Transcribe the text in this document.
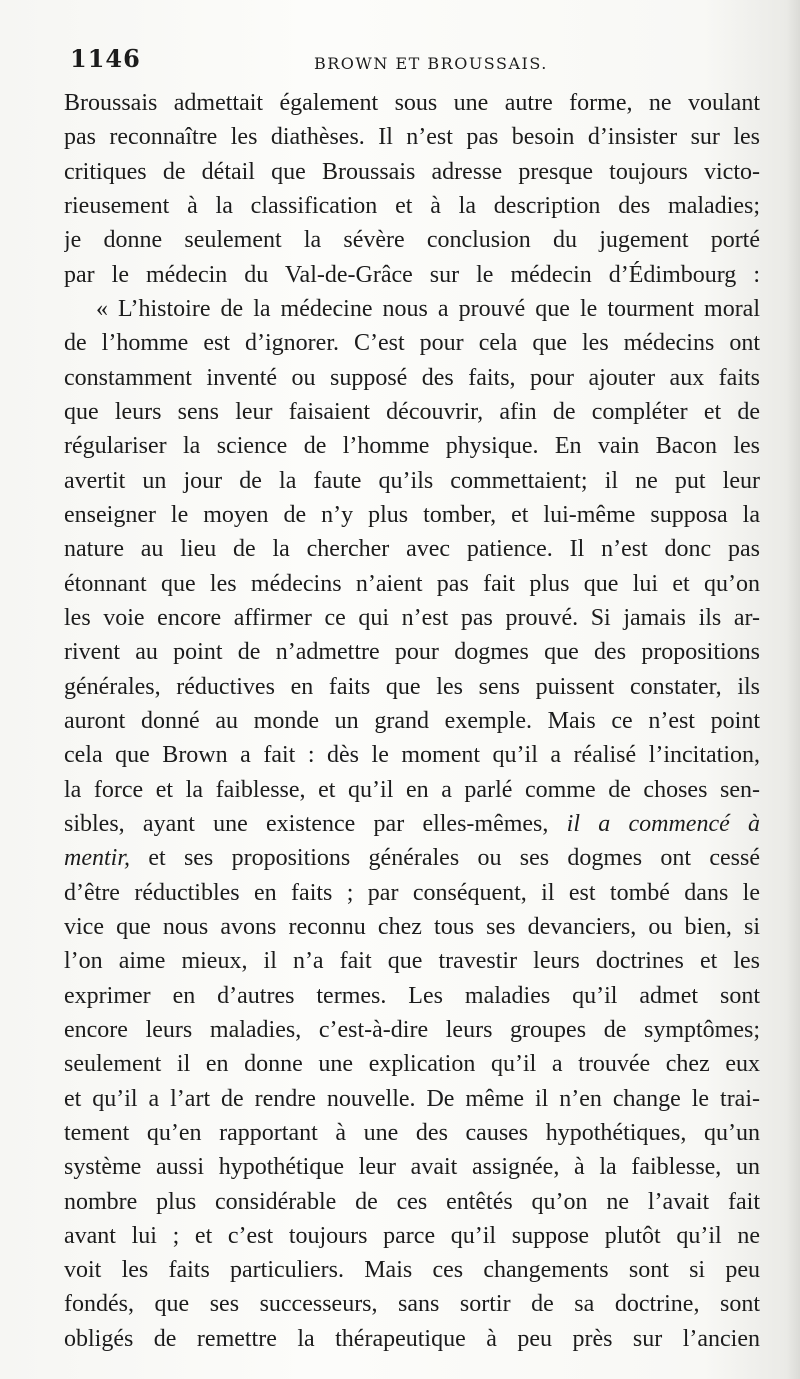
1146	BROWN ET BROUSSAIS.
Broussais admettait également sous une autre forme, ne voulant
pas reconnaître les diathèses. Il n’est pas besoin d’insister sur les
critiques de détail que Broussais adresse presque toujours victo-
rieusement à la classification et à la description des maladies;
je donne seulement la sévère conclusion du jugement porté
par le médecin du Val-de-Grâce sur le médecin d’Édimbourg :
« L’histoire de la médecine nous a prouvé que le tourment moral
de l’homme est d’ignorer. C’est pour cela que les médecins ont
constamment inventé ou supposé des faits, pour ajouter aux faits
que leurs sens leur faisaient découvrir, afin de compléter et de
régulariser la science de l’homme physique. En vain Bacon les
avertit un jour de la faute qu’ils commettaient; il ne put leur
enseigner le moyen de n’y plus tomber, et lui-même supposa la
nature au lieu de la chercher avec patience. Il n’est donc pas
étonnant que les médecins n’aient pas fait plus que lui et qu’on
les voie encore affirmer ce qui n’est pas prouvé. Si jamais ils ar-
rivent au point de n’admettre pour dogmes que des propositions
générales, réductives en faits que les sens puissent constater, ils
auront donné au monde un grand exemple. Mais ce n’est point
cela que Brown a fait : dès le moment qu’il a réalisé l’incitation,
la force et la faiblesse, et qu’il en a parlé comme de choses sen-
sibles, ayant une existence par elles-mêmes, il a commencé à
mentir, et ses propositions générales ou ses dogmes ont cessé
d’être réductibles en faits ; par conséquent, il est tombé dans le
vice que nous avons reconnu chez tous ses devanciers, ou bien, si
l’on aime mieux, il n’a fait que travestir leurs doctrines et les
exprimer en d’autres termes. Les maladies qu’il admet sont
encore leurs maladies, c’est-à-dire leurs groupes de symptômes;
seulement il en donne une explication qu’il a trouvée chez eux
et qu’il a l’art de rendre nouvelle. De même il n’en change le trai-
tement qu’en rapportant à une des causes hypothétiques, qu’un
système aussi hypothétique leur avait assignée, à la faiblesse, un
nombre plus considérable de ces entêtés qu’on ne l’avait fait
avant lui ; et c’est toujours parce qu’il suppose plutôt qu’il ne
voit les faits particuliers. Mais ces changements sont si peu
fondés, que ses successeurs, sans sortir de sa doctrine, sont
obligés de remettre la thérapeutique à peu près sur l’ancien
